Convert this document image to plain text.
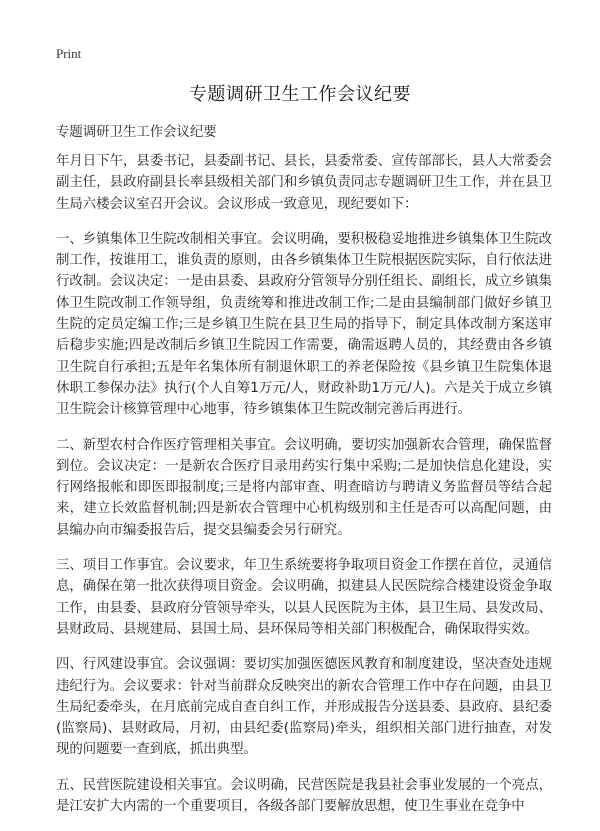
Print
专题调研卫生工作会议纪要

专题调研卫生工作会议纪要

年月日下午，县委书记，县委副书记、县长，县委常委、宣传部部长，县人大常委会副主任，县政府副县长率县级相关部门和乡镇负责同志专题调研卫生工作，并在县卫生局六楼会议室召开会议。会议形成一致意见，现纪要如下：

一、乡镇集体卫生院改制相关事宜。会议明确，要积极稳妥地推进乡镇集体卫生院改制工作，按谁用工，谁负责的原则，由各乡镇集体卫生院根据医院实际，自行依法进行改制。会议决定：一是由县委、县政府分管领导分别任组长、副组长，成立乡镇集体卫生院改制工作领导组，负责统筹和推进改制工作;二是由县编制部门做好乡镇卫生院的定员定编工作;三是乡镇卫生院在县卫生局的指导下，制定具体改制方案送审后稳步实施;四是改制后乡镇卫生院因工作需要，确需返聘人员的，其经费由各乡镇卫生院自行承担;五是年名集体所有制退休职工的养老保险按《县乡镇卫生院集体退休职工参保办法》执行(个人自筹1万元/人，财政补助1万元/人)。六是关于成立乡镇卫生院会计核算管理中心地事，待乡镇集体卫生院改制完善后再进行。

二、新型农村合作医疗管理相关事宜。会议明确，要切实加强新农合管理，确保监督到位。会议决定：一是新农合医疗目录用药实行集中采购;二是加快信息化建设，实行网络报帐和即医即报制度;三是将内部审查、明查暗访与聘请义务监督员等结合起来，建立长效监督机制;四是新农合管理中心机构级别和主任是否可以高配问题，由县编办向市编委报告后，提交县编委会另行研究。

三、项目工作事宜。会议要求，年卫生系统要将争取项目资金工作摆在首位，灵通信息，确保在第一批次获得项目资金。会议明确，拟建县人民医院综合楼建设资金争取工作，由县委、县政府分管领导牵头，以县人民医院为主体，县卫生局、县发改局、县财政局、县规建局、县国土局、县环保局等相关部门积极配合，确保取得实效。

四、行风建设事宜。会议强调：要切实加强医德医风教育和制度建设，坚决查处违规违纪行为。会议要求：针对当前群众反映突出的新农合管理工作中存在问题，由县卫生局纪委牵头，在月底前完成自查自纠工作，并形成报告分送县委、县政府、县纪委(监察局)、县财政局，月初，由县纪委(监察局)牵头，组织相关部门进行抽查，对发现的问题要一查到底，抓出典型。

五、民营医院建设相关事宜。会议明确，民营医院是我县社会事业发展的一个亮点，是江安扩大内需的一个重要项目，各级各部门要解放思想，使卫生事业在竞争中
